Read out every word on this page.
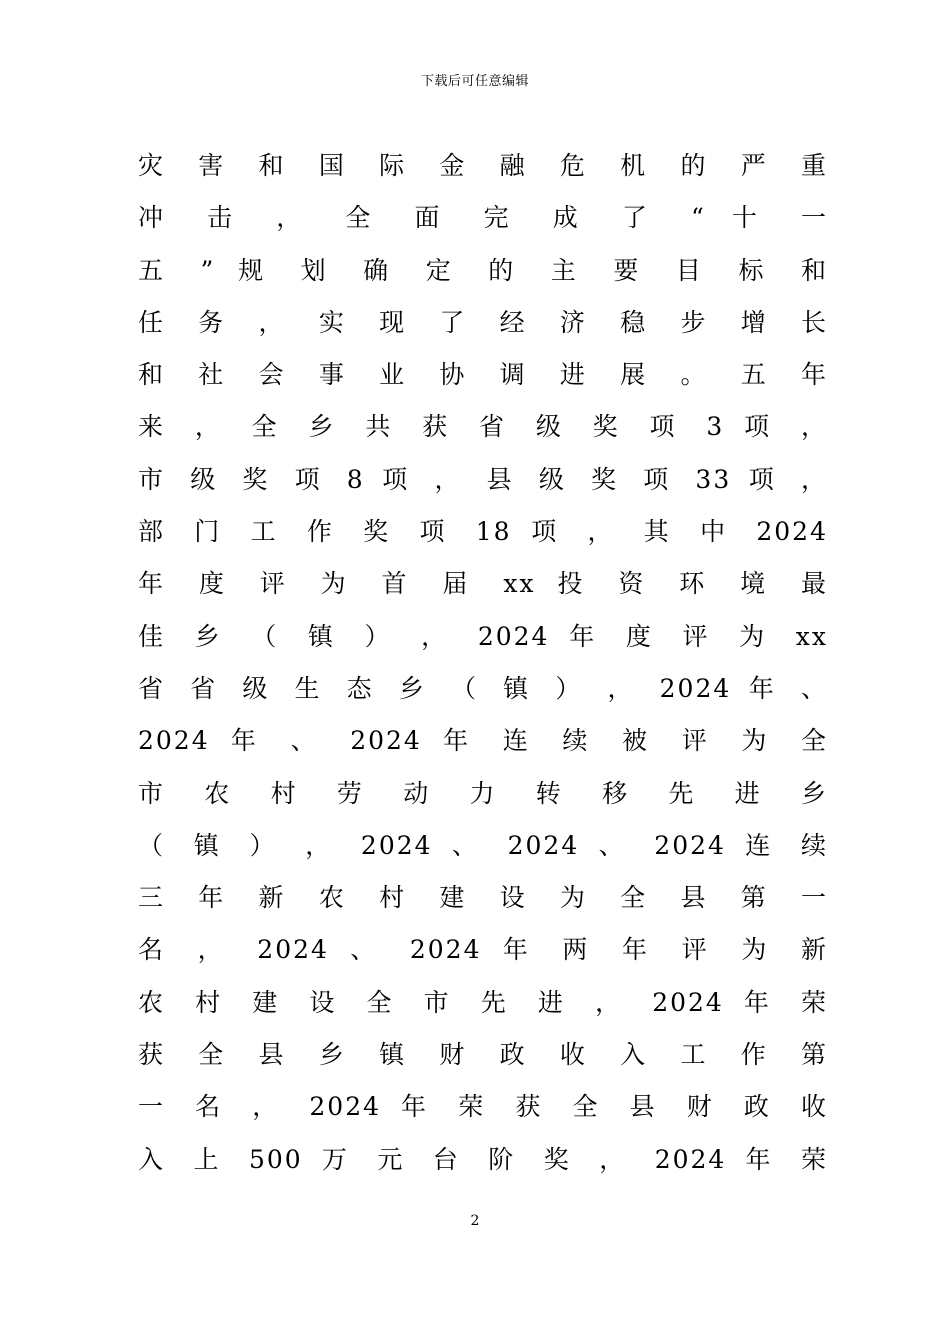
下载后可任意编辑
灾 害 和 国 际 金 融 危 机 的 严 重
冲 击 ， 全 面 完 成 了 “ 十 一
五 ” 规 划 确 定 的 主 要 目 标 和
任 务 ， 实 现 了 经 济 稳 步 增 长
和 社 会 事 业 协 调 进 展 。 五 年
来 ， 全 乡 共 获 省 级 奖 项 3 项 ，
市 级 奖 项 8 项 ， 县 级 奖 项 33 项 ，
部 门 工 作 奖 项 18 项 ， 其 中 2024
年 度 评 为 首 届 xx 投 资 环 境 最
佳 乡 （ 镇 ） ， 2024 年 度 评 为 xx
省 省 级 生 态 乡 （ 镇 ） ， 2024 年 、
2024 年 、 2024 年 连 续 被 评 为 全
市 农 村 劳 动 力 转 移 先 进 乡
（ 镇 ） ， 2024 、 2024 、 2024 连 续
三 年 新 农 村 建 设 为 全 县 第 一
名 ， 2024 、 2024 年 两 年 评 为 新
农 村 建 设 全 市 先 进 ， 2024 年 荣
获 全 县 乡 镇 财 政 收 入 工 作 第
一 名 ， 2024 年 荣 获 全 县 财 政 收
入 上 500 万 元 台 阶 奖 ， 2024 年 荣
2
